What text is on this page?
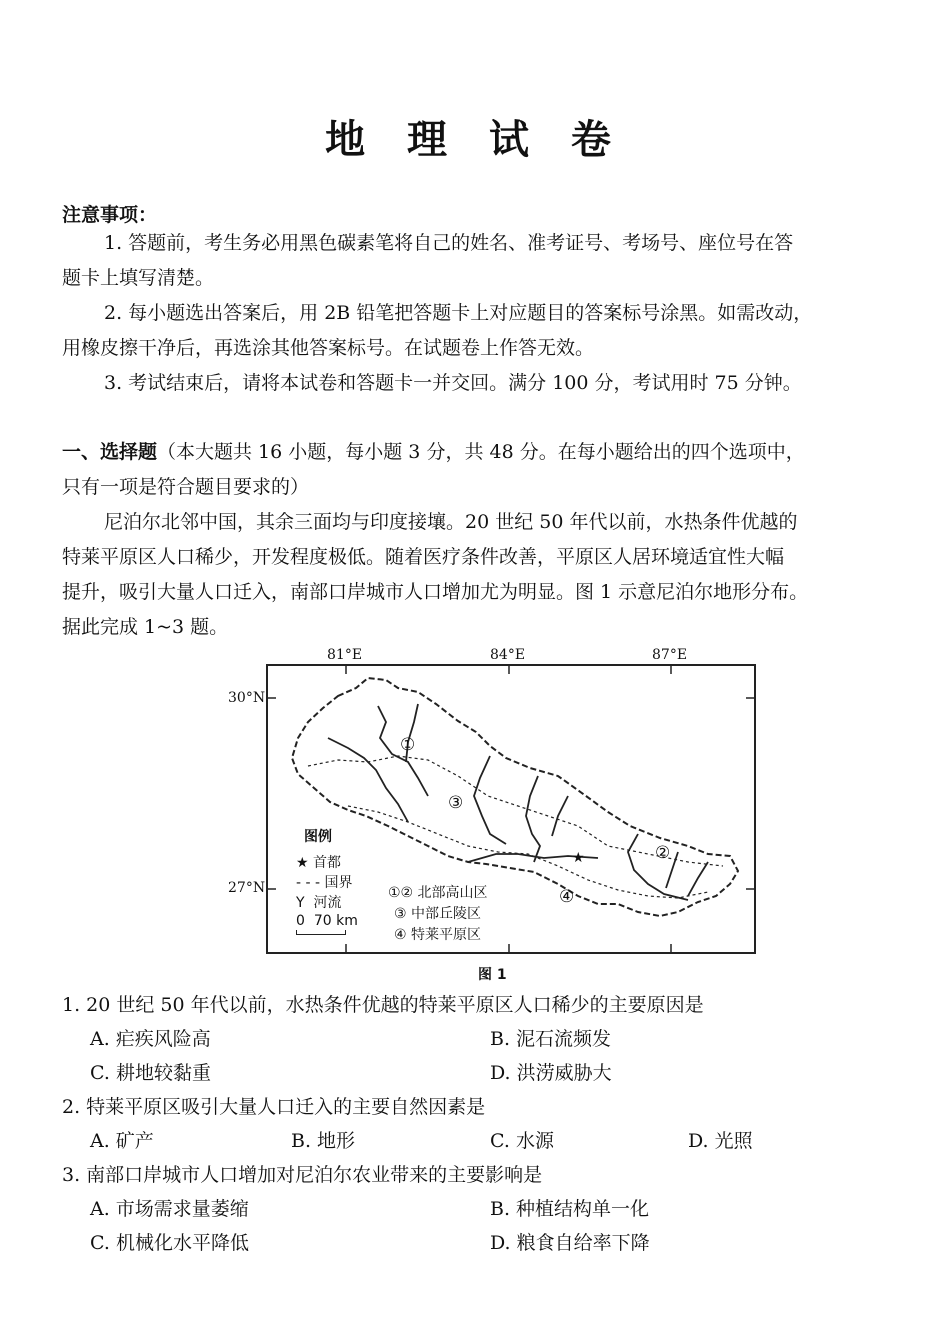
地 理 试 卷
注意事项：
1. 答题前，考生务必用黑色碳素笔将自己的姓名、准考证号、考场号、座位号在答
题卡上填写清楚。
2. 每小题选出答案后，用 2B 铅笔把答题卡上对应题目的答案标号涂黑。如需改动，
用橡皮擦干净后，再选涂其他答案标号。在试题卷上作答无效。
3. 考试结束后，请将本试卷和答题卡一并交回。满分 100 分，考试用时 75 分钟。
一、选择题（本大题共 16 小题，每小题 3 分，共 48 分。在每小题给出的四个选项中，
只有一项是符合题目要求的）
尼泊尔北邻中国，其余三面均与印度接壤。20 世纪 50 年代以前，水热条件优越的
特莱平原区人口稀少，开发程度极低。随着医疗条件改善，平原区人居环境适宜性大幅
提升，吸引大量人口迁入，南部口岸城市人口增加尤为明显。图 1 示意尼泊尔地形分布。
据此完成 1~3 题。
81°E	84°E	87°E
30°N
27°N
★
①
③
②
④
图例
★ 首都
- - - 国界
Y  河流
0 70 km
①② 北部高山区
③ 中部丘陵区
④ 特莱平原区
图 1
1. 20 世纪 50 年代以前，水热条件优越的特莱平原区人口稀少的主要原因是
A. 疟疾风险高	B. 泥石流频发
C. 耕地较黏重	D. 洪涝威胁大
2. 特莱平原区吸引大量人口迁入的主要自然因素是
A. 矿产	B. 地形	C. 水源	D. 光照
3. 南部口岸城市人口增加对尼泊尔农业带来的主要影响是
A. 市场需求量萎缩	B. 种植结构单一化
C. 机械化水平降低	D. 粮食自给率下降
